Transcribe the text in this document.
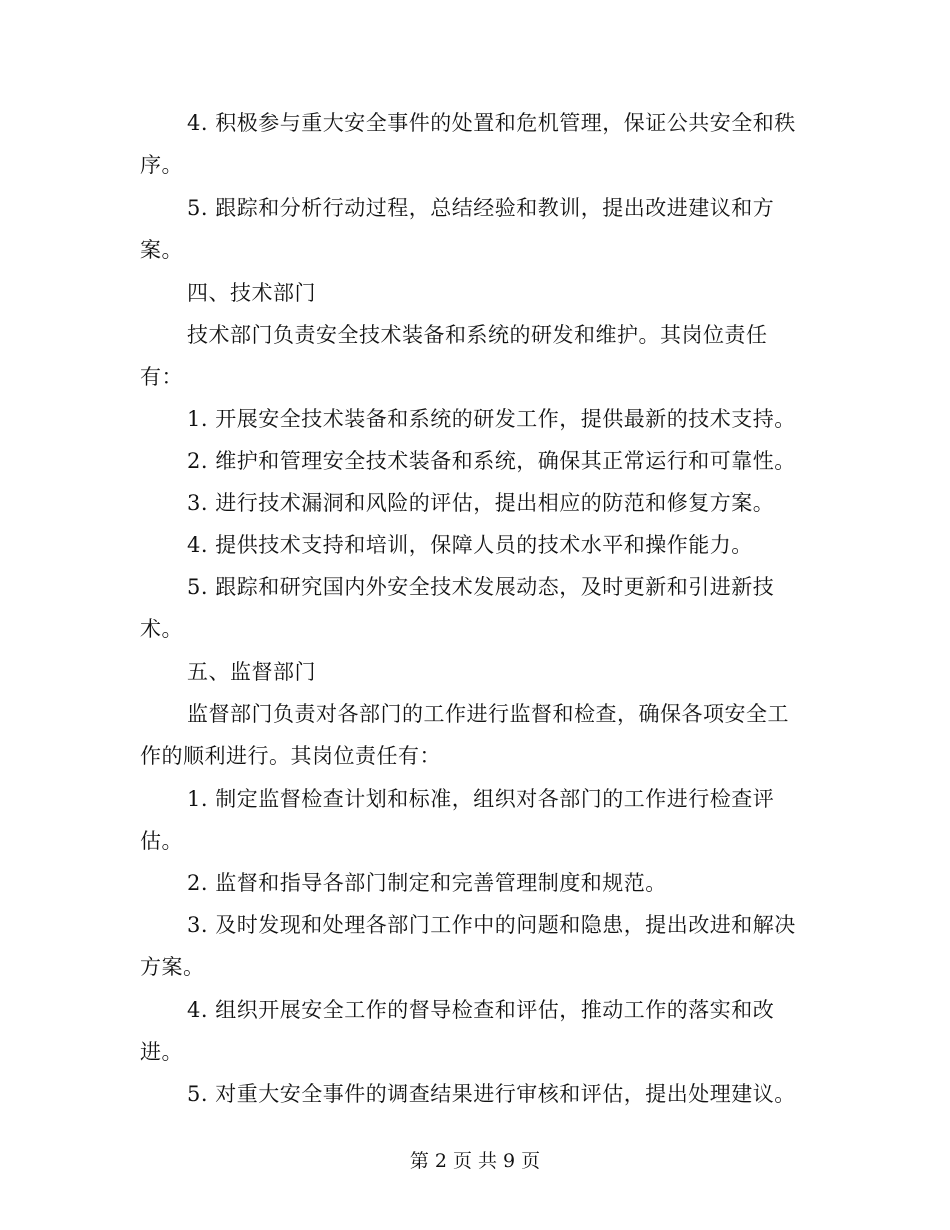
4. 积极参与重大安全事件的处置和危机管理，保证公共安全和秩
序。
5. 跟踪和分析行动过程，总结经验和教训，提出改进建议和方
案。
四、技术部门
技术部门负责安全技术装备和系统的研发和维护。其岗位责任
有：
1. 开展安全技术装备和系统的研发工作，提供最新的技术支持。
2. 维护和管理安全技术装备和系统，确保其正常运行和可靠性。
3. 进行技术漏洞和风险的评估，提出相应的防范和修复方案。
4. 提供技术支持和培训，保障人员的技术水平和操作能力。
5. 跟踪和研究国内外安全技术发展动态，及时更新和引进新技
术。
五、监督部门
监督部门负责对各部门的工作进行监督和检查，确保各项安全工
作的顺利进行。其岗位责任有：
1. 制定监督检查计划和标准，组织对各部门的工作进行检查评
估。
2. 监督和指导各部门制定和完善管理制度和规范。
3. 及时发现和处理各部门工作中的问题和隐患，提出改进和解决
方案。
4. 组织开展安全工作的督导检查和评估，推动工作的落实和改
进。
5. 对重大安全事件的调查结果进行审核和评估，提出处理建议。
第 2 页 共 9 页
